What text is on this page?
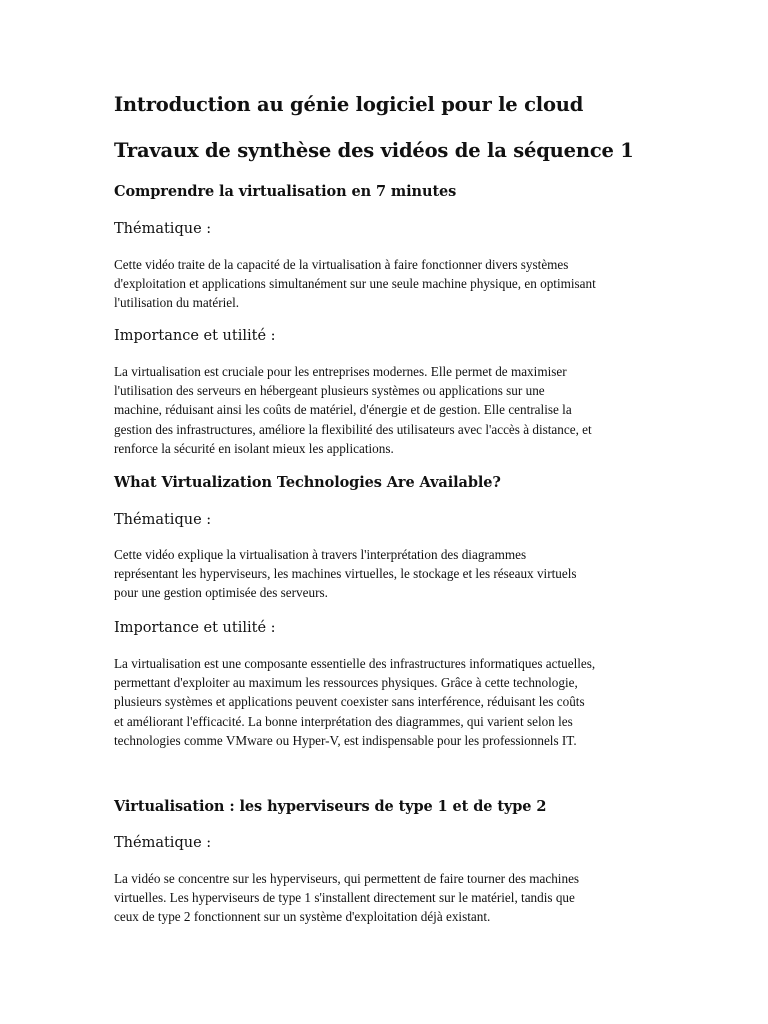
Introduction au génie logiciel pour le cloud
Travaux de synthèse des vidéos de la séquence 1
Comprendre la virtualisation en 7 minutes
Thématique :

Cette vidéo traite de la capacité de la virtualisation à faire fonctionner divers systèmes
d'exploitation et applications simultanément sur une seule machine physique, en optimisant
l'utilisation du matériel.

Importance et utilité :

La virtualisation est cruciale pour les entreprises modernes. Elle permet de maximiser
l'utilisation des serveurs en hébergeant plusieurs systèmes ou applications sur une
machine, réduisant ainsi les coûts de matériel, d'énergie et de gestion. Elle centralise la
gestion des infrastructures, améliore la flexibilité des utilisateurs avec l'accès à distance, et
renforce la sécurité en isolant mieux les applications.

What Virtualization Technologies Are Available?
Thématique :

Cette vidéo explique la virtualisation à travers l'interprétation des diagrammes
représentant les hyperviseurs, les machines virtuelles, le stockage et les réseaux virtuels
pour une gestion optimisée des serveurs.

Importance et utilité :

La virtualisation est une composante essentielle des infrastructures informatiques actuelles,
permettant d'exploiter au maximum les ressources physiques. Grâce à cette technologie,
plusieurs systèmes et applications peuvent coexister sans interférence, réduisant les coûts
et améliorant l'efficacité. La bonne interprétation des diagrammes, qui varient selon les
technologies comme VMware ou Hyper-V, est indispensable pour les professionnels IT.

Virtualisation : les hyperviseurs de type 1 et de type 2
Thématique :

La vidéo se concentre sur les hyperviseurs, qui permettent de faire tourner des machines
virtuelles. Les hyperviseurs de type 1 s'installent directement sur le matériel, tandis que
ceux de type 2 fonctionnent sur un système d'exploitation déjà existant.
